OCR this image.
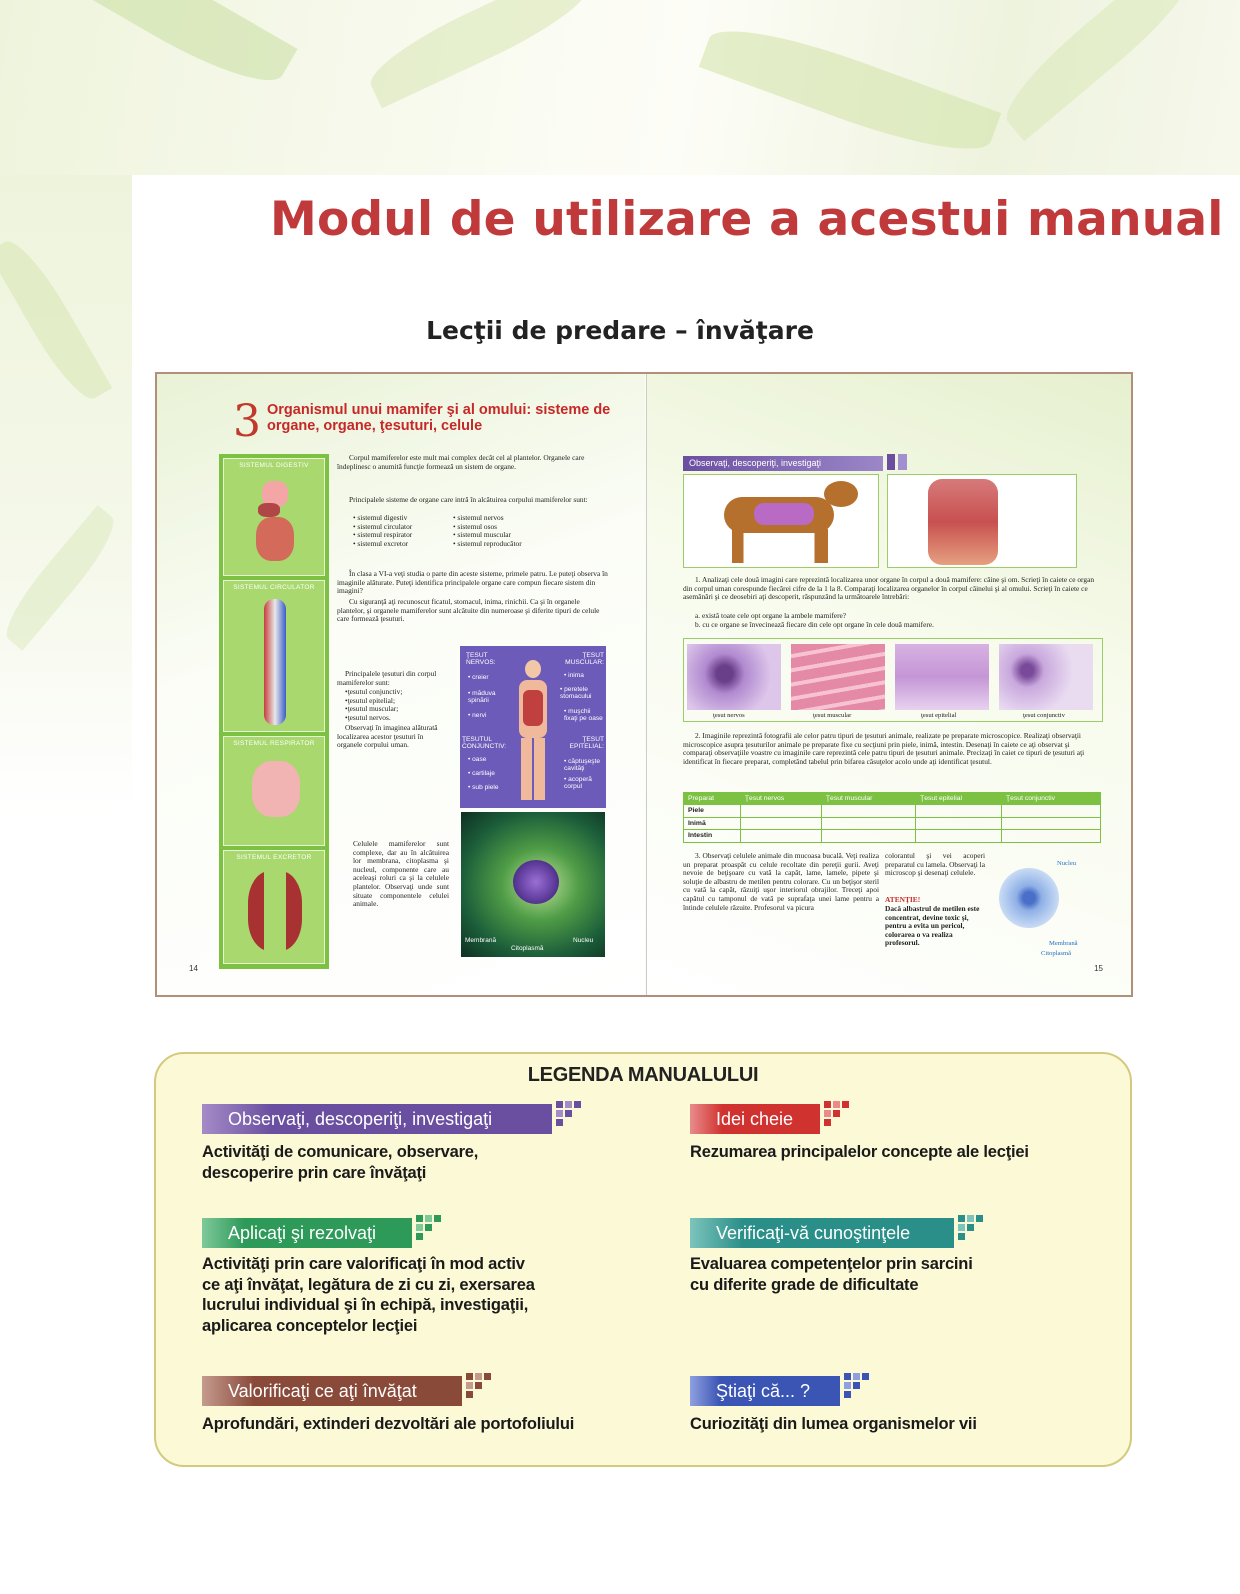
Modul de utilizare a acestui manual
Lecţii de predare – învăţare
3 Organismul unui mamifer şi al omului: sisteme de organe, organe, ţesuturi, celule
SISTEMUL DIGESTIV
SISTEMUL CIRCULATOR
SISTEMUL RESPIRATOR
SISTEMUL EXCRETOR
Corpul mamiferelor este mult mai complex decât cel al plantelor. Organele care îndeplinesc o anumită funcţie formează un sistem de organe.
Principalele sisteme de organe care intră în alcătuirea corpului mamiferelor sunt:
• sistemul digestiv
• sistemul circulator
• sistemul respirator
• sistemul excretor
• sistemul nervos
• sistemul osos
• sistemul muscular
• sistemul reproducător
În clasa a VI-a veţi studia o parte din aceste sisteme, primele patru. Le puteţi observa în imaginile alăturate. Puteţi identifica principalele organe care compun fiecare sistem din imagini?
Cu siguranţă aţi recunoscut ficatul, stomacul, inima, rinichii. Ca şi în organele plantelor, şi organele mamiferelor sunt alcătuite din numeroase şi diferite tipuri de celule care formează ţesuturi.
Principalele ţesuturi din corpul mamiferelor sunt:
•ţesutul conjunctiv;
•ţesutul epitelial;
•ţesutul muscular;
•ţesutul nervos.
Observaţi în imaginea alăturată localizarea acestor ţesuturi în organele corpului uman.
ŢESUT NERVOS:
ŢESUT MUSCULAR:
• creier
• măduva spinării
• nervi
• inima
• peretele stomacului
• muşchii fixaţi pe oase
ŢESUTUL CONJUNCTIV:
ŢESUT EPITELIAL:
• oase
• cartilaje
• sub piele
• căptuşeşte cavităţi
• acoperă corpul
Celulele mamiferelor sunt complexe, dar au în alcătuirea lor membrana, citoplasma şi nucleul, componente care au aceleaşi roluri ca şi la celulele plantelor. Observaţi unde sunt situate componentele celulei animale.
Membrană
Citoplasmă
Nucleu
14
Observaţi, descoperiţi, investigaţi
1. Analizaţi cele două imagini care reprezintă localizarea unor organe în corpul a două mamifere: câine şi om. Scrieţi în caiete ce organ din corpul uman corespunde fiecărei cifre de la 1 la 8. Comparaţi localizarea organelor în corpul câinelui şi al omului. Scrieţi în caiete ce asemănări şi ce deosebiri aţi descoperit, răspunzând la următoarele întrebări:
a. există toate cele opt organe la ambele mamifere?
b. cu ce organe se învecinează fiecare din cele opt organe în cele două mamifere.
ţesut nervos	ţesut muscular	ţesut epitelial	ţesut conjunctiv
2. Imaginile reprezintă fotografii ale celor patru tipuri de ţesuturi animale, realizate pe preparate microscopice. Realizaţi observaţii microscopice asupra ţesuturilor animale pe preparate fixe cu secţiuni prin piele, inimă, intestin. Desenaţi în caiete ce aţi observat şi comparaţi observaţiile voastre cu imaginile care reprezintă cele patru tipuri de ţesuturi animale. Precizaţi în caiet ce tipuri de ţesuturi aţi identificat în fiecare preparat, completând tabelul prin bifarea căsuţelor acolo unde aţi identificat ţesutul.
Preparat	Ţesut nervos	Ţesut muscular	Ţesut epitelial	Ţesut conjunctiv
Piele				
Inimă				
Intestin				
3. Observaţi celulele animale din mucoasa bucală. Veţi realiza un preparat proaspăt cu celule recoltate din pereţii gurii. Aveţi nevoie de beţişoare cu vată la capăt, lame, lamele, pipete şi soluţie de albastru de metilen pentru colorare. Cu un beţişor steril cu vată la capăt, răzuiţi uşor interiorul obrajilor. Treceţi apoi capătul cu tamponul de vată pe suprafaţa unei lame pentru a întinde celulele răzuite. Profesorul va picura
colorantul şi vei acoperi preparatul cu lamela. Observaţi la microscop şi desenaţi celulele.
ATENŢIE!
Dacă albastrul de metilen este concentrat, devine toxic şi, pentru a evita un pericol, colorarea o va realiza profesorul.
Nucleu
Membrană
Citoplasmă
15
LEGENDA MANUALULUI
Observaţi, descoperiţi, investigaţi
Activităţi de comunicare, observare,
descoperire prin care învăţaţi
Idei cheie
Rezumarea principalelor concepte ale lecţiei
Aplicaţi şi rezolvaţi
Activităţi prin care valorificaţi în mod activ
ce aţi învăţat, legătura de zi cu zi, exersarea
lucrului individual şi în echipă, investigaţii,
aplicarea conceptelor lecţiei
Verificaţi-vă cunoştinţele
Evaluarea competenţelor prin sarcini
cu diferite grade de dificultate
Valorificaţi ce aţi învăţat
Aprofundări, extinderi dezvoltări ale portofoliului
Ştiaţi că... ?
Curiozităţi din lumea organismelor vii
